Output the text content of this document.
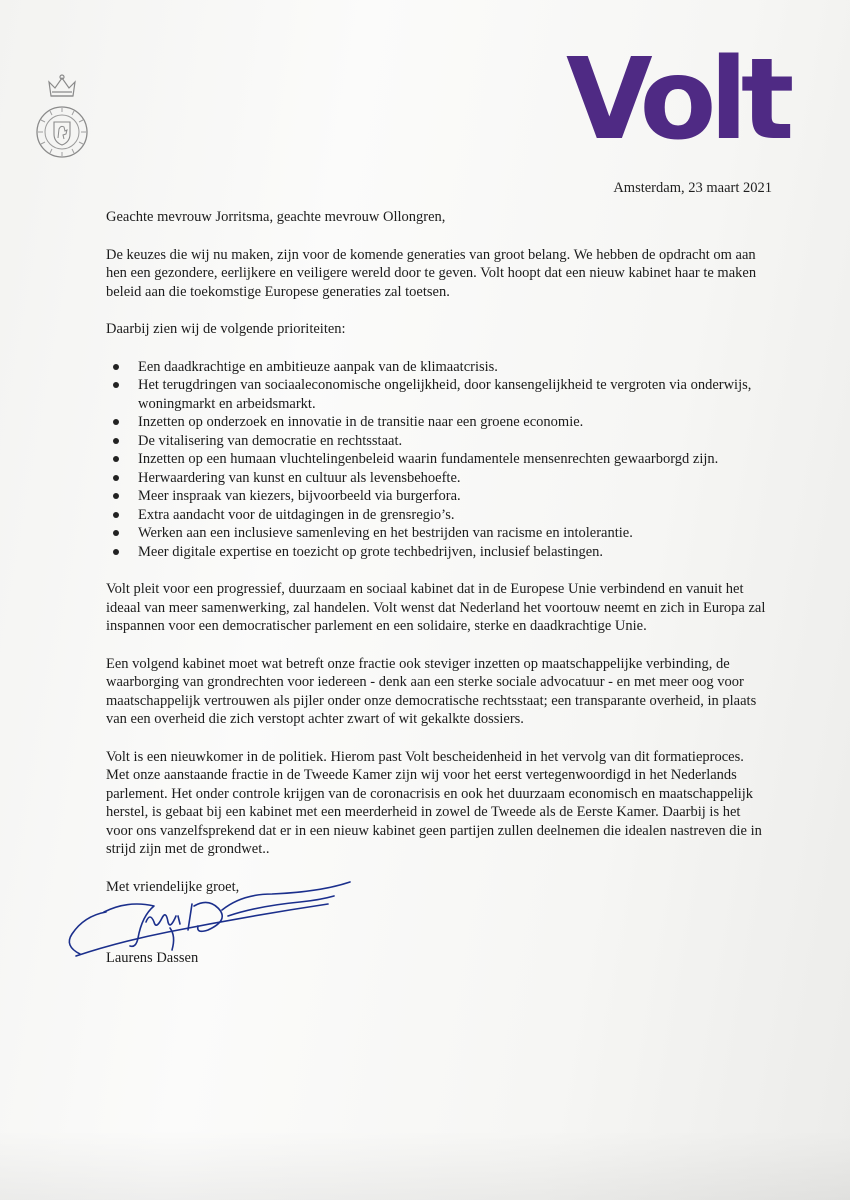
Volt
Amsterdam, 23 maart 2021

Geachte mevrouw Jorritsma, geachte mevrouw Ollongren,

De keuzes die wij nu maken, zijn voor de komende generaties van groot belang. We hebben de opdracht om aan hen een gezondere, eerlijkere en veiligere wereld door te geven. Volt hoopt dat een nieuw kabinet haar te maken beleid aan die toekomstige Europese generaties zal toetsen.

Daarbij zien wij de volgende prioriteiten:

Een daadkrachtige en ambitieuze aanpak van de klimaatcrisis.
Het terugdringen van sociaaleconomische ongelijkheid, door kansengelijkheid te vergroten via onderwijs, woningmarkt en arbeidsmarkt.
Inzetten op onderzoek en innovatie in de transitie naar een groene economie.
De vitalisering van democratie en rechtsstaat.
Inzetten op een humaan vluchtelingenbeleid waarin fundamentele mensenrechten gewaarborgd zijn.
Herwaardering van kunst en cultuur als levensbehoefte.
Meer inspraak van kiezers, bijvoorbeeld via burgerfora.
Extra aandacht voor de uitdagingen in de grensregio’s.
Werken aan een inclusieve samenleving en het bestrijden van racisme en intolerantie.
Meer digitale expertise en toezicht op grote techbedrijven, inclusief belastingen.

Volt pleit voor een progressief, duurzaam en sociaal kabinet dat in de Europese Unie verbindend en vanuit het ideaal van meer samenwerking, zal handelen. Volt wenst dat Nederland het voortouw neemt en zich in Europa zal inspannen voor een democratischer parlement en een solidaire, sterke en daadkrachtige Unie.

Een volgend kabinet moet wat betreft onze fractie ook steviger inzetten op maatschappelijke verbinding, de waarborging van grondrechten voor iedereen - denk aan een sterke sociale advocatuur - en met meer oog voor maatschappelijk vertrouwen als pijler onder onze democratische rechtsstaat; een transparante overheid, in plaats van een overheid die zich verstopt achter zwart of wit gekalkte dossiers.

Volt is een nieuwkomer in de politiek. Hierom past Volt bescheidenheid in het vervolg van dit formatieproces. Met onze aanstaande fractie in de Tweede Kamer zijn wij voor het eerst vertegenwoordigd in het Nederlands parlement. Het onder controle krijgen van de coronacrisis en ook het duurzaam economisch en maatschappelijk herstel, is gebaat bij een kabinet met een meerderheid in zowel de Tweede als de Eerste Kamer. Daarbij is het voor ons vanzelfsprekend dat er in een nieuw kabinet geen partijen zullen deelnemen die idealen nastreven die in strijd zijn met de grondwet..

Met vriendelijke groet,

Laurens Dassen
